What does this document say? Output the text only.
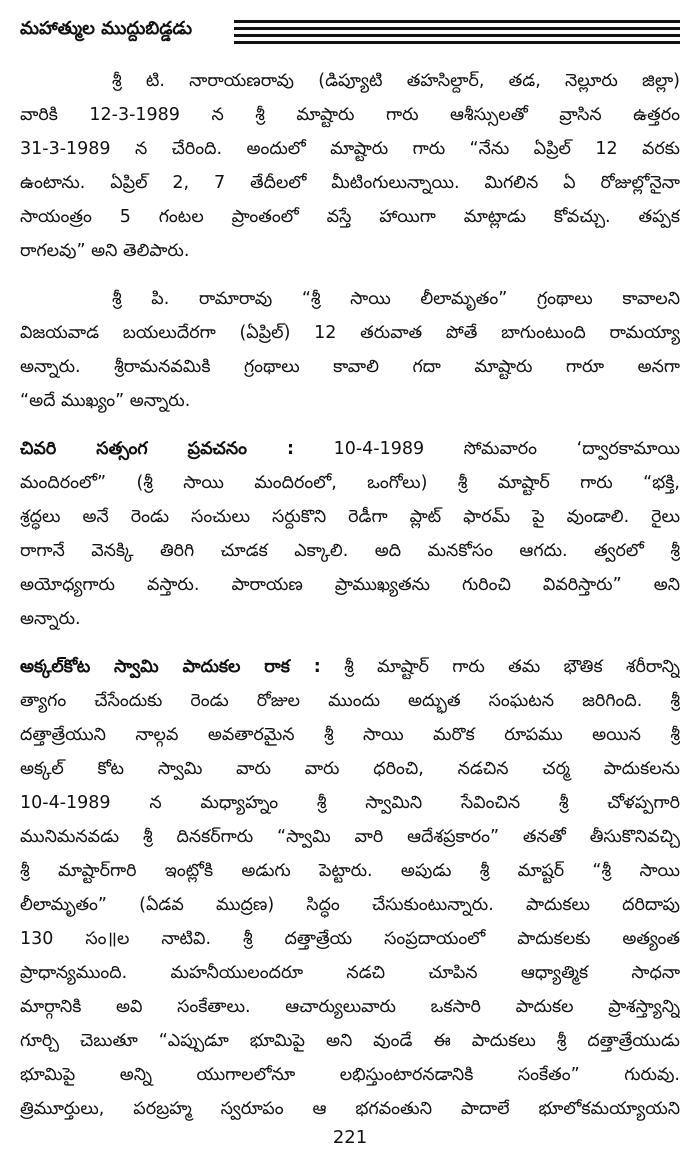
మహాత్ముల ముద్దుబిడ్డడు
శ్రీ టి. నారాయణరావు (డిప్యూటి తహసిల్దార్, తడ, నెల్లూరు జిల్లా)
వారికి 12-3-1989 న శ్రీ మాష్టారు గారు ఆశీస్సులతో వ్రాసిన ఉత్తరం
31-3-1989 న చేరింది. అందులో మాష్టారు గారు “నేను ఏప్రిల్ 12 వరకు
ఉంటాను. ఏప్రిల్ 2, 7 తేదీలలో మీటింగులున్నాయి. మిగలిన ఏ రోజుల్లోనైనా
సాయంత్రం 5 గంటల ప్రాంతంలో వస్తే హాయిగా మాట్లాడు కోవచ్చు. తప్పక
రాగలవు” అని తెలిపారు.
శ్రీ పి. రామారావు “శ్రీ సాయి లీలామృతం” గ్రంథాలు కావాలని
విజయవాడ బయలుదేరగా (ఏప్రిల్) 12 తరువాత పోతే బాగుంటుంది రామయ్యా
అన్నారు. శ్రీరామనవమికి గ్రంథాలు కావాలి గదా మాష్టారు గారూ అనగా
“అదే ముఖ్యం” అన్నారు.
చివరి సత్సంగ ప్రవచనం : 10-4-1989 సోమవారం ‘ద్వారకామాయి
మందిరంలో” (శ్రీ సాయి మందిరంలో, ఒంగోలు) శ్రీ మాష్టార్ గారు “భక్తి,
శ్రద్ధలు అనే రెండు సంచులు సర్దుకొని రెడీగా ప్లాట్ ఫారమ్ పై వుండాలి. రైలు
రాగానే వెనక్కి తిరిగి చూడక ఎక్కాలి. అది మనకోసం ఆగదు. త్వరలో శ్రీ
అయోధ్యగారు వస్తారు. పారాయణ ప్రాముఖ్యతను గురించి వివరిస్తారు” అని
అన్నారు.
అక్కల్‌కోట స్వామి పాదుకల రాక : శ్రీ మాష్టార్ గారు తమ భౌతిక శరీరాన్ని
త్యాగం చేసేందుకు రెండు రోజుల ముందు అద్భుత సంఘటన జరిగింది. శ్రీ
దత్తాత్రేయుని నాల్గవ అవతారమైన శ్రీ సాయి మరొక రూపము అయిన శ్రీ
అక్కల్ కోట స్వామి వారు వారు ధరించి, నడచిన చర్మ పాదుకలను
10-4-1989 న మధ్యాహ్నం శ్రీ స్వామిని సేవించిన శ్రీ చోళప్పగారి
మునిమనవడు శ్రీ దినకర్‌గారు “స్వామి వారి ఆదేశప్రకారం” తనతో తీసుకొనివచ్చి
శ్రీ మాష్టార్‌గారి ఇంట్లోకి అడుగు పెట్టారు. అపుడు శ్రీ మాష్టర్ “శ్రీ సాయి
లీలామృతం” (ఏడవ ముద్రణ) సిద్ధం చేసుకుంటున్నారు. పాదుకలు దరిదాపు
130 సం॥ల నాటివి. శ్రీ దత్తాత్రేయ సంప్రదాయంలో పాదుకలకు అత్యంత
ప్రాధాన్యముంది. మహనీయులందరూ నడచి చూపిన ఆధ్యాత్మిక సాధనా
మార్గానికి అవి సంకేతాలు. ఆచార్యులువారు ఒకసారి పాదుకల ప్రాశస్త్యాన్ని
గూర్చి చెబుతూ “ఎప్పుడూ భూమిపై అని వుండే ఈ పాదుకలు శ్రీ దత్తాత్రేయుడు
భూమిపై అన్ని యుగాలలోనూ లభిస్తుంటారనడానికి సంకేతం” గురువు.
త్రిమూర్తులు, పరబ్రహ్మ స్వరూపం ఆ భగవంతుని పాదాలే భూలోకమయ్యాయని
221
